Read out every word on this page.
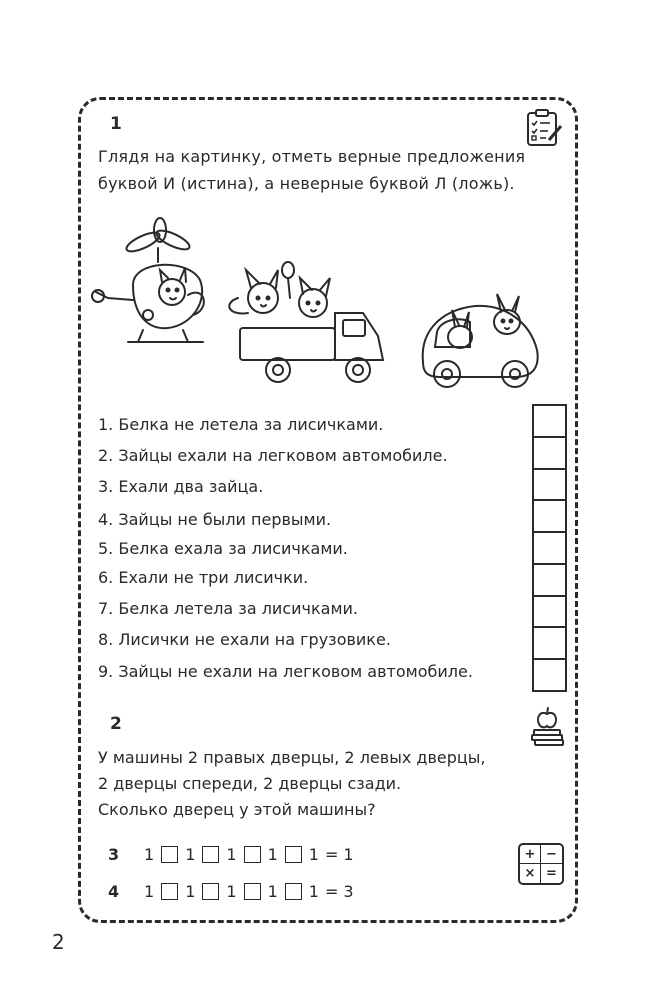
1
Глядя на картинку, отметь верные предложения
буквой И (истина), а неверные буквой Л (ложь).
1. Белка не летела за лисичками.
2. Зайцы ехали на легковом автомобиле.
3. Ехали два зайца.
4. Зайцы не были первыми.
5. Белка ехала за лисичками.
6. Ехали не три лисички.
7. Белка летела за лисичками.
8. Лисички не ехали на грузовике.
9. Зайцы не ехали на легковом автомобиле.
2
У машины 2 правых дверцы, 2 левых дверцы,
2 дверцы спереди, 2 дверцы сзади.
Сколько дверец у этой машины?
3	1 1 1 1 1 = 1
4	1 1 1 1 1 = 3
+ −
× =
2
